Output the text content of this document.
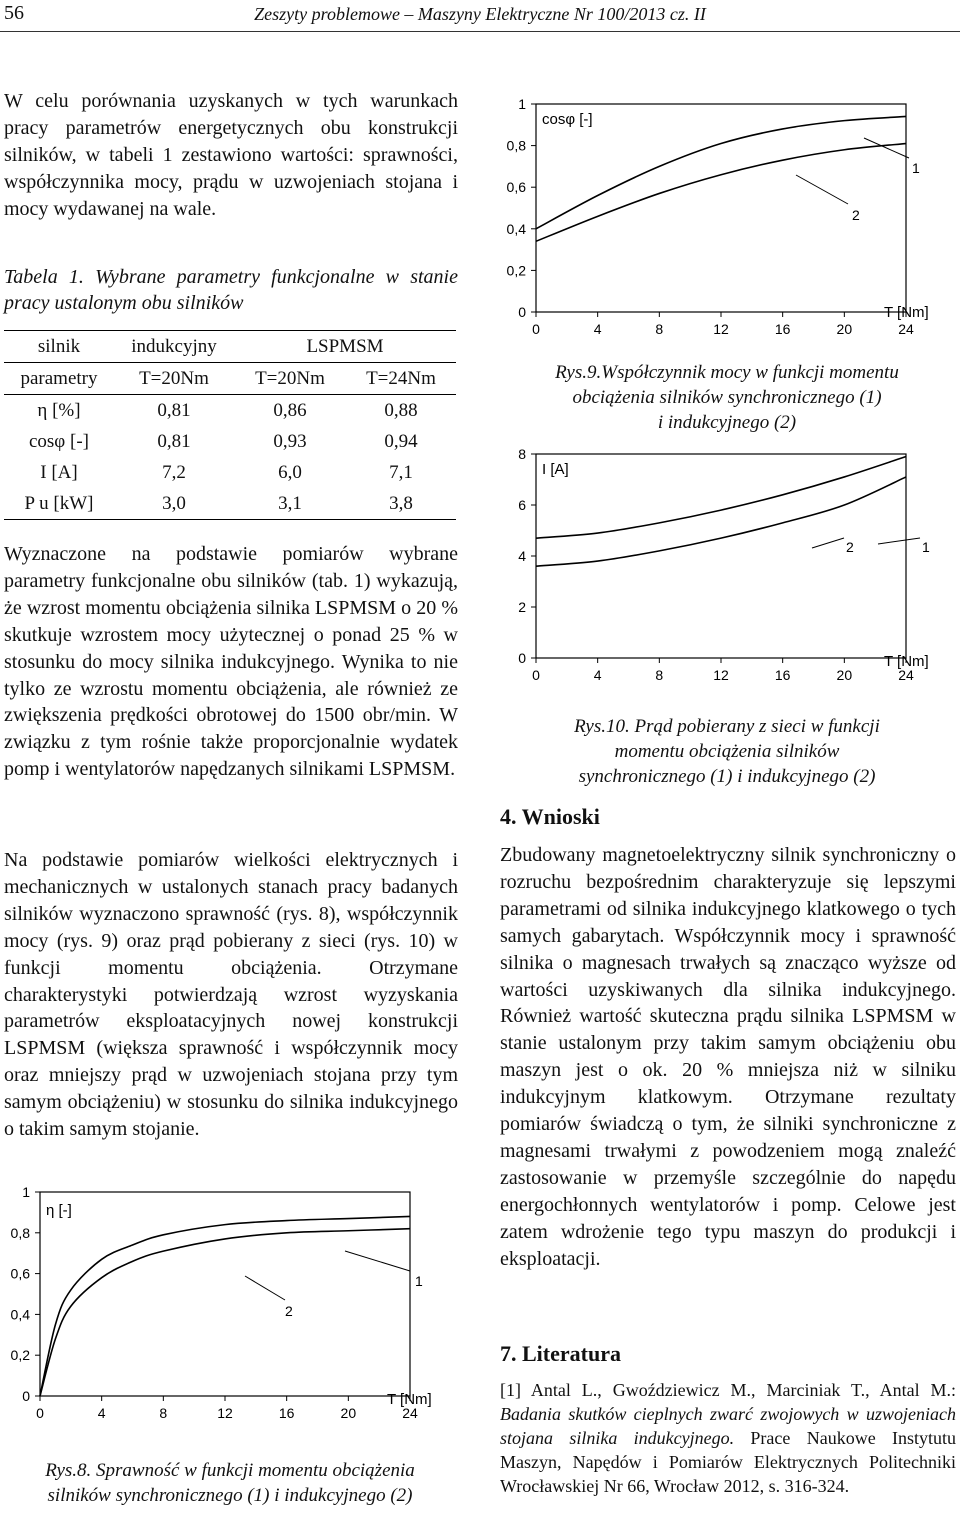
56	Zeszyty problemowe – Maszyny Elektryczne Nr 100/2013 cz. II
W celu porównania uzyskanych w tych warunkach pracy parametrów energetycznych obu konstrukcji silników, w tabeli 1 zestawiono wartości: sprawności, współczynnika mocy, prądu w uzwojeniach stojana i mocy wydawanej na wale.
Tabela 1. Wybrane parametry funkcjonalne w stanie pracy ustalonym obu silników
silnik	indukcyjny	LSPMSM	
parametry	T=20Nm	T=20Nm	T=24Nm
η [%]	0,81	0,86	0,88
cosφ [-]	0,81	0,93	0,94
I [A]	7,2	6,0	7,1
P u [kW]	3,0	3,1	3,8
Wyznaczone na podstawie pomiarów wybrane parametry funkcjonalne obu silników (tab. 1) wykazują, że wzrost momentu obciążenia silnika LSPMSM o 20 % skutkuje wzrostem mocy użytecznej o ponad 25 % w stosunku do mocy silnika indukcyjnego. Wynika to nie tylko ze wzrostu momentu obciążenia, ale również ze zwiększenia prędkości obrotowej do 1500 obr/min. W związku z tym rośnie także proporcjonalnie wydatek pomp i wentylatorów napędzanych silnikami LSPMSM.
Na podstawie pomiarów wielkości elektrycznych i mechanicznych w ustalonych stanach pracy badanych silników wyznaczono sprawność (rys. 8), współczynnik mocy (rys. 9) oraz prąd pobierany z sieci (rys. 10) w funkcji momentu obciążenia. Otrzymane charakterystyki potwierdzają wzrost wyzyskania parametrów eksploatacyjnych nowej konstrukcji LSPMSM (większa sprawność i współczynnik mocy oraz mniejszy prąd w uzwojeniach stojana przy tym samym obciążeniu) w stosunku do silnika indukcyjnego o takim samym stojanie.
0	4	8	12	16	20	24
0
0,2
0,4
0,6
0,8
1
1
2
η [-]
T [Nm]
Rys.8. Sprawność w funkcji momentu obciążenia
silników synchronicznego (1) i indukcyjnego (2)
0	4	8	12	16	20	24
0
0,2
0,4
0,6
0,8
1
1
2
cosφ [-]
T [Nm]
Rys.9.Współczynnik mocy w funkcji momentu
obciążenia silników synchronicznego (1)
i indukcyjnego (2)
0	4	8	12	16	20	24
0
2
4
6
8
1
2
I [A]
T [Nm]
Rys.10. Prąd pobierany z sieci w funkcji
momentu obciążenia silników
synchronicznego (1) i indukcyjnego (2)
4. Wnioski
Zbudowany magnetoelektryczny silnik synchroniczny o rozruchu bezpośrednim charakteryzuje się lepszymi parametrami od silnika indukcyjnego klatkowego o tych samych gabarytach. Współczynnik mocy i sprawność silnika o magnesach trwałych są znacząco wyższe od wartości uzyskiwanych dla silnika indukcyjnego. Również wartość skuteczna prądu silnika LSPMSM w stanie ustalonym przy takim samym obciążeniu obu maszyn jest o ok. 20 % mniejsza niż w silniku indukcyjnym klatkowym. Otrzymane rezultaty pomiarów świadczą o tym, że silniki synchroniczne z magnesami trwałymi z powodzeniem mogą znaleźć zastosowanie w przemyśle szczególnie do napędu energochłonnych wentylatorów i pomp. Celowe jest zatem wdrożenie tego typu maszyn do produkcji i eksploatacji.
7. Literatura
[1] Antal L., Gwoździewicz M., Marciniak T., Antal M.: Badania skutków cieplnych zwarć zwojowych w uzwojeniach stojana silnika indukcyjnego. Prace Naukowe Instytutu Maszyn, Napędów i Pomiarów Elektrycznych Politechniki Wrocławskiej Nr 66, Wrocław 2012, s. 316-324.
